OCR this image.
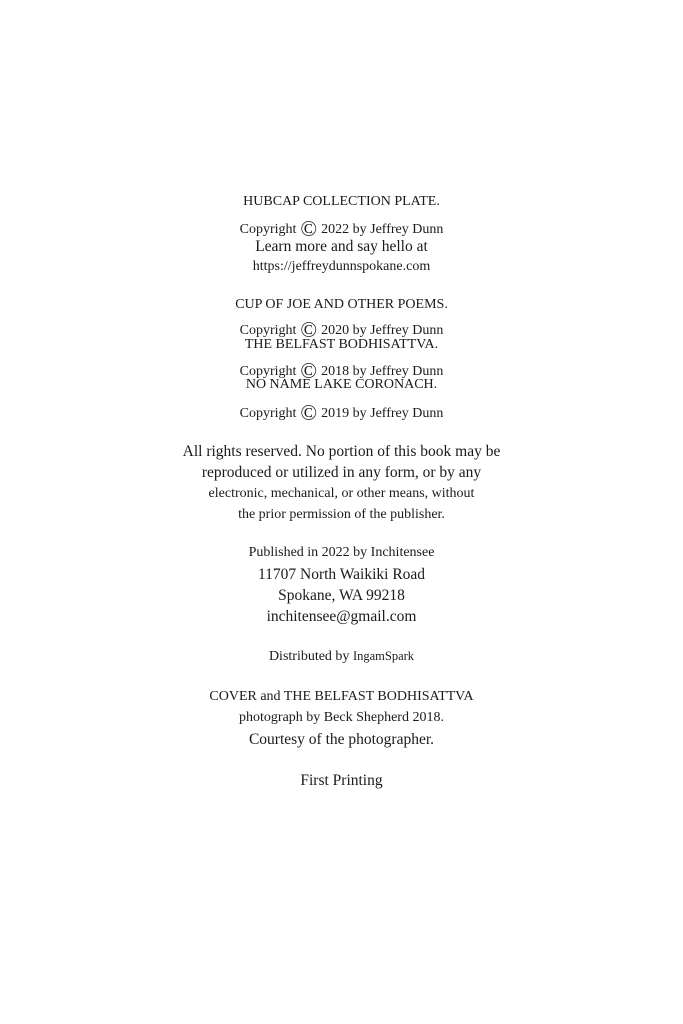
HUBCAP COLLECTION PLATE.
Copyright © 2022 by Jeffrey Dunn
Learn more and say hello at
https://jeffreydunnspokane.com
CUP OF JOE AND OTHER POEMS.
Copyright © 2020 by Jeffrey Dunn
THE BELFAST BODHISATTVA.
Copyright © 2018 by Jeffrey Dunn
NO NAME LAKE CORONACH.
Copyright © 2019 by Jeffrey Dunn
All rights reserved. No portion of this book may be
reproduced or utilized in any form, or by any
electronic, mechanical, or other means, without
the prior permission of the publisher.
Published in 2022 by Inchitensee
11707 North Waikiki Road
Spokane, WA 99218
inchitensee@gmail.com
Distributed by IngamSpark
COVER and THE BELFAST BODHISATTVA
photograph by Beck Shepherd 2018.
Courtesy of the photographer.
First Printing
